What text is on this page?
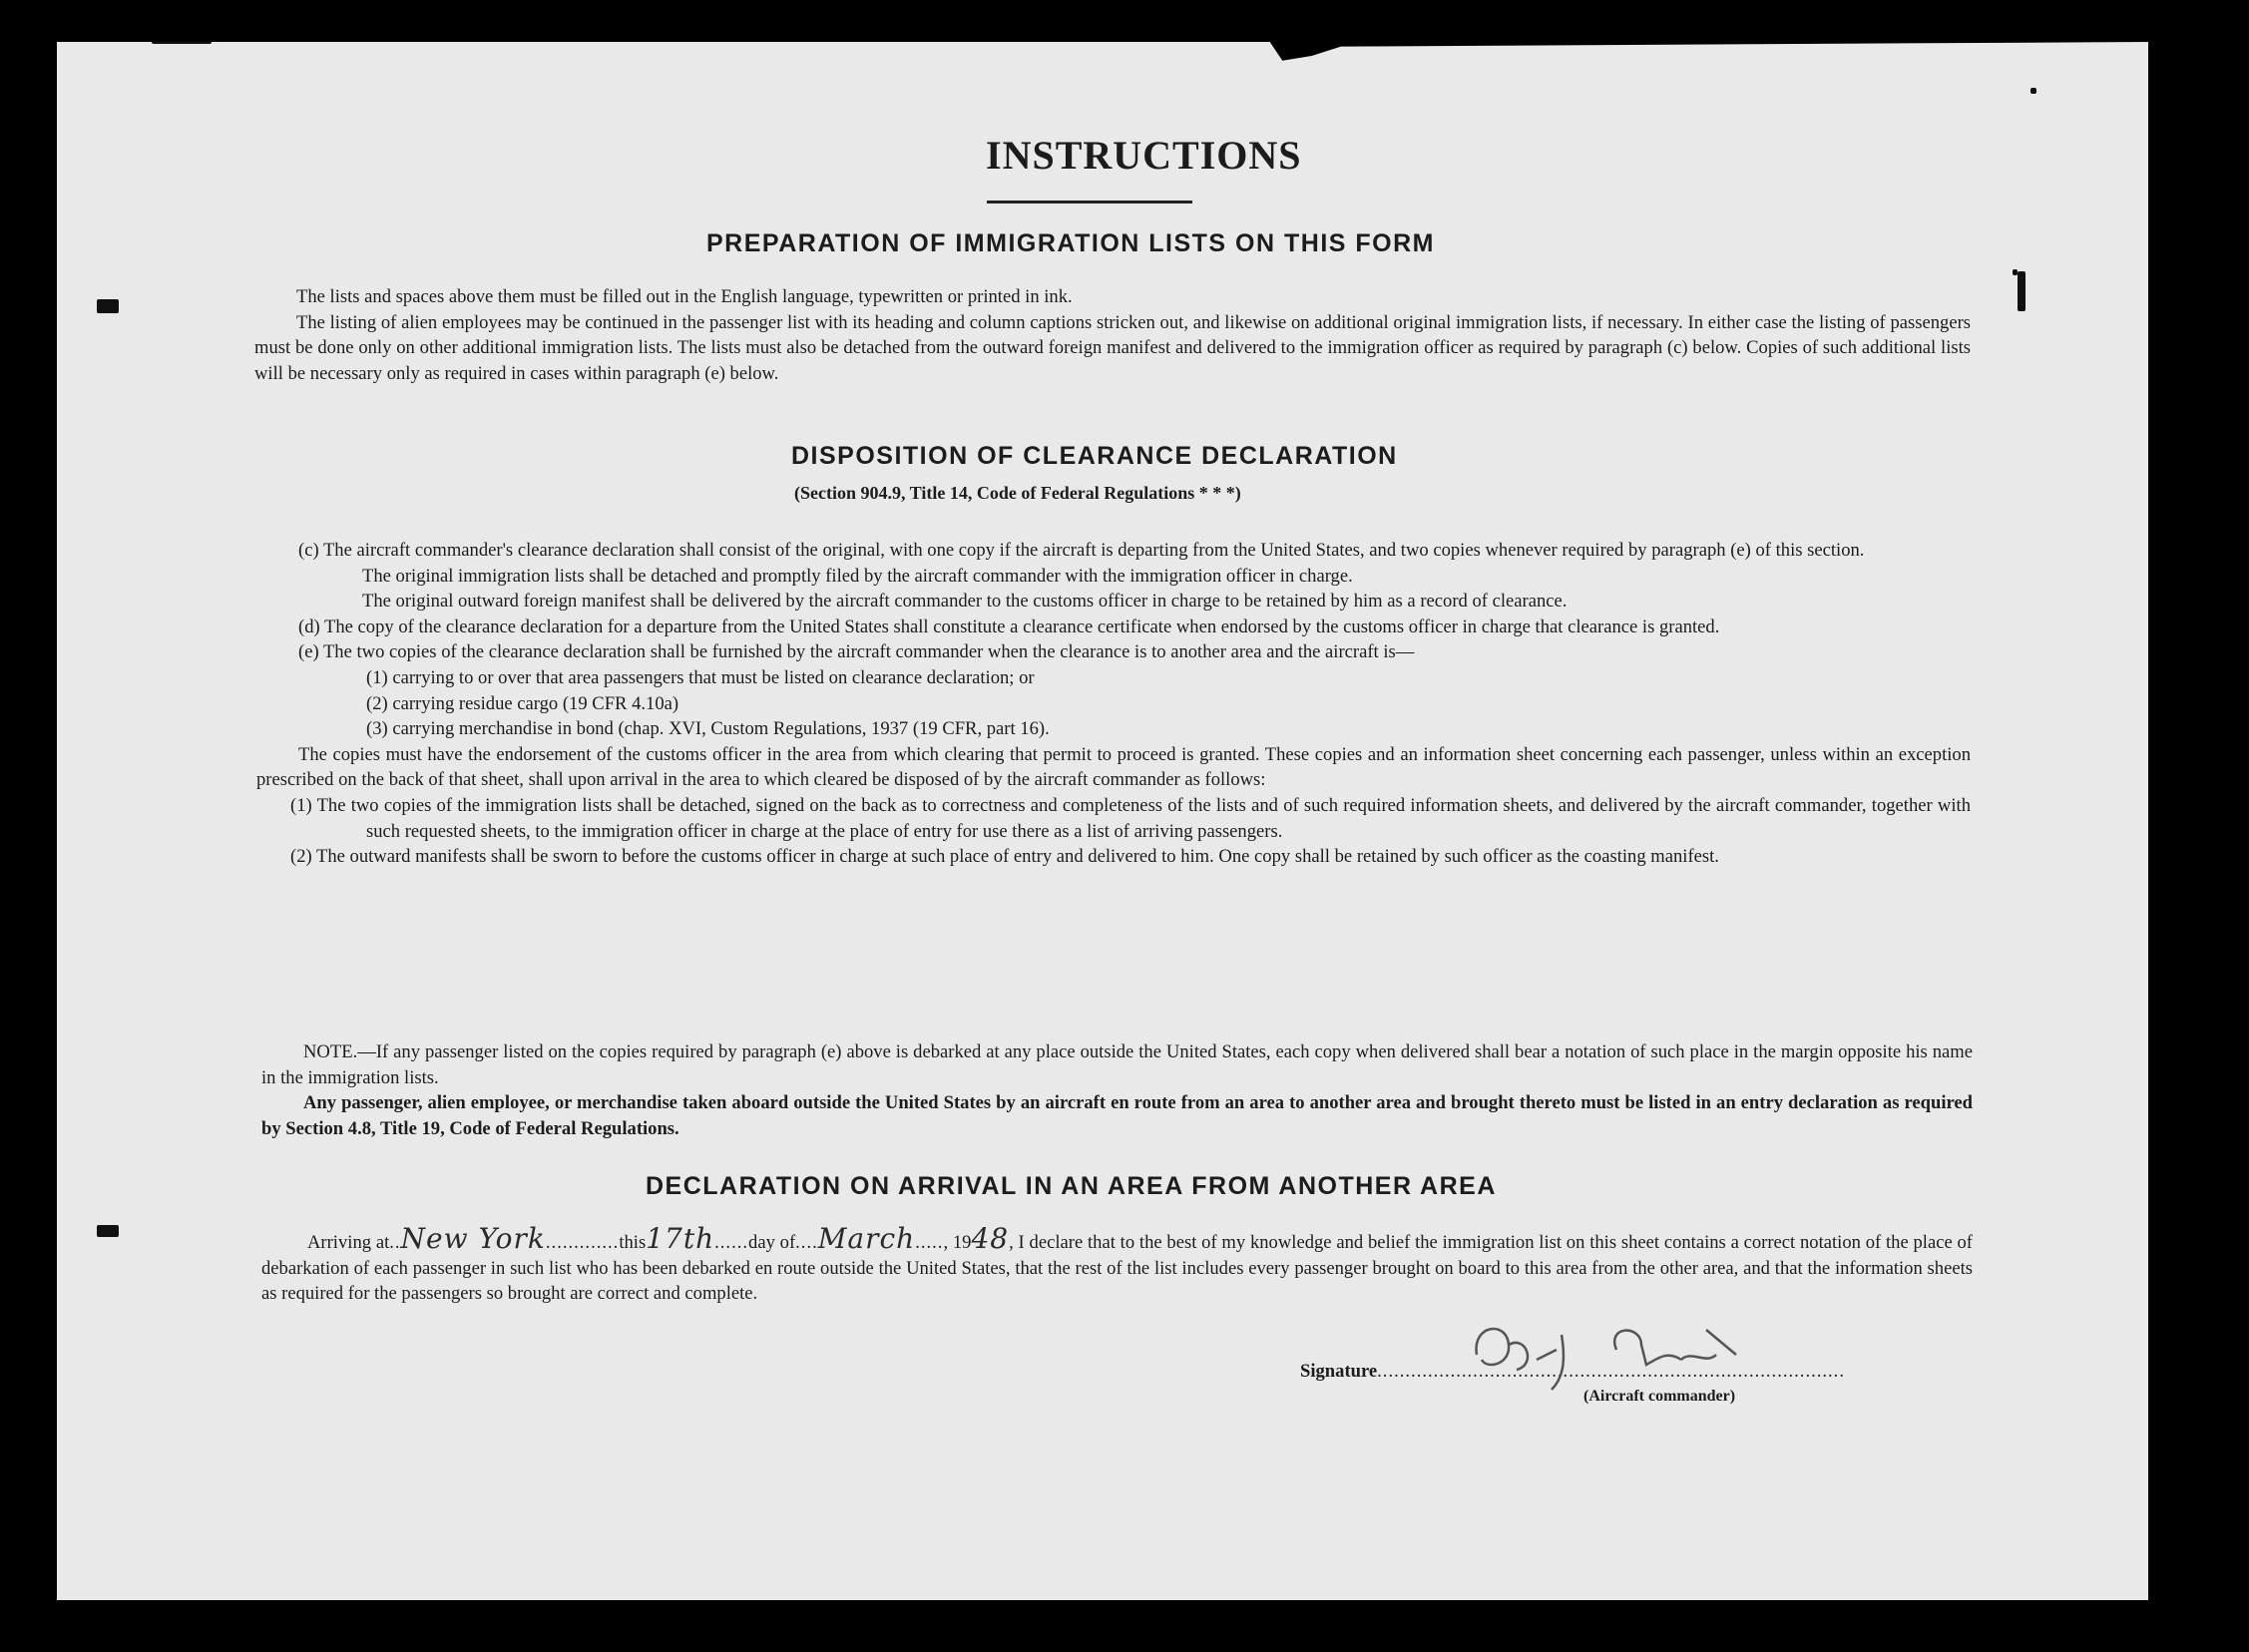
INSTRUCTIONS
PREPARATION OF IMMIGRATION LISTS ON THIS FORM
The lists and spaces above them must be filled out in the English language, typewritten or printed in ink.
The listing of alien employees may be continued in the passenger list with its heading and column captions stricken out, and likewise on additional original immigration lists, if necessary. In either case the listing of passengers must be done only on other additional immigration lists. The lists must also be detached from the outward foreign manifest and delivered to the immigration officer as required by paragraph (c) below. Copies of such additional lists will be necessary only as required in cases within paragraph (e) below.
DISPOSITION OF CLEARANCE DECLARATION
(Section 904.9, Title 14, Code of Federal Regulations * * *)
(c) The aircraft commander's clearance declaration shall consist of the original, with one copy if the aircraft is departing from the United States, and two copies whenever required by paragraph (e) of this section.
The original immigration lists shall be detached and promptly filed by the aircraft commander with the immigration officer in charge.
The original outward foreign manifest shall be delivered by the aircraft commander to the customs officer in charge to be retained by him as a record of clearance.
(d) The copy of the clearance declaration for a departure from the United States shall constitute a clearance certificate when endorsed by the customs officer in charge that clearance is granted.
(e) The two copies of the clearance declaration shall be furnished by the aircraft commander when the clearance is to another area and the aircraft is—
(1) carrying to or over that area passengers that must be listed on clearance declaration; or
(2) carrying residue cargo (19 CFR 4.10a)
(3) carrying merchandise in bond (chap. XVI, Custom Regulations, 1937 (19 CFR, part 16).
The copies must have the endorsement of the customs officer in the area from which clearing that permit to proceed is granted. These copies and an information sheet concerning each passenger, unless within an exception prescribed on the back of that sheet, shall upon arrival in the area to which cleared be disposed of by the aircraft commander as follows:
(1) The two copies of the immigration lists shall be detached, signed on the back as to correctness and completeness of the lists and of such required information sheets, and delivered by the aircraft commander, together with such requested sheets, to the immigration officer in charge at the place of entry for use there as a list of arriving passengers.
(2) The outward manifests shall be sworn to before the customs officer in charge at such place of entry and delivered to him. One copy shall be retained by such officer as the coasting manifest.
NOTE.—If any passenger listed on the copies required by paragraph (e) above is debarked at any place outside the United States, each copy when delivered shall bear a notation of such place in the margin opposite his name in the immigration lists.
Any passenger, alien employee, or merchandise taken aboard outside the United States by an aircraft en route from an area to another area and brought thereto must be listed in an entry declaration as required by Section 4.8, Title 19, Code of Federal Regulations.
DECLARATION ON ARRIVAL IN AN AREA FROM ANOTHER AREA
Arriving at..New York.............this17th......day of....March....., 1948, I declare that to the best of my knowledge and belief the immigration list on this sheet contains a correct notation of the place of debarkation of each passenger in such list who has been debarked en route outside the United States, that the rest of the list includes every passenger brought on board to this area from the other area, and that the information sheets as required for the passengers so brought are correct and complete.
Signature...................................................................................
(Aircraft commander)
